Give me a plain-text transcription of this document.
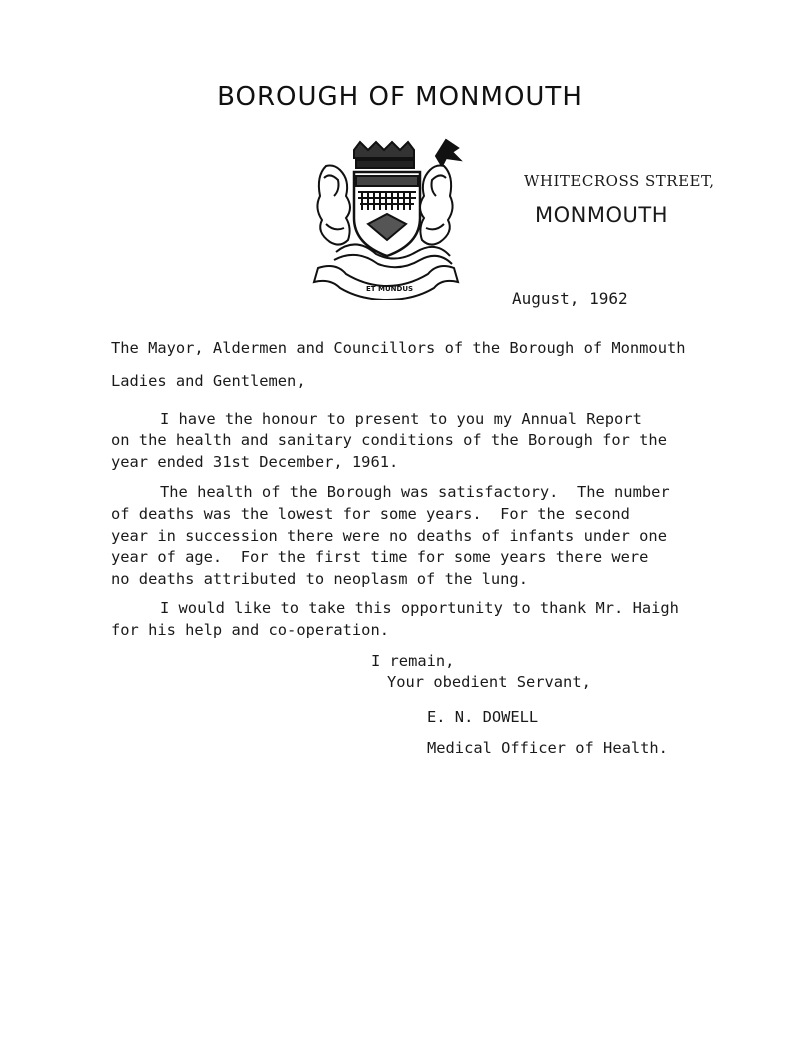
BOROUGH OF MONMOUTH
ET MUNDUS
WHITECROSS STREET,
MONMOUTH
August, 1962
The Mayor, Aldermen and Councillors of the Borough of Monmouth
Ladies and Gentlemen,
I have the honour to present to you my Annual Report
on the health and sanitary conditions of the Borough for the
year ended 31st December, 1961.
The health of the Borough was satisfactory.  The number
of deaths was the lowest for some years.  For the second
year in succession there were no deaths of infants under one
year of age.  For the first time for some years there were
no deaths attributed to neoplasm of the lung.
I would like to take this opportunity to thank Mr. Haigh
for his help and co-operation.
I remain,
Your obedient Servant,
E. N. DOWELL
Medical Officer of Health.
